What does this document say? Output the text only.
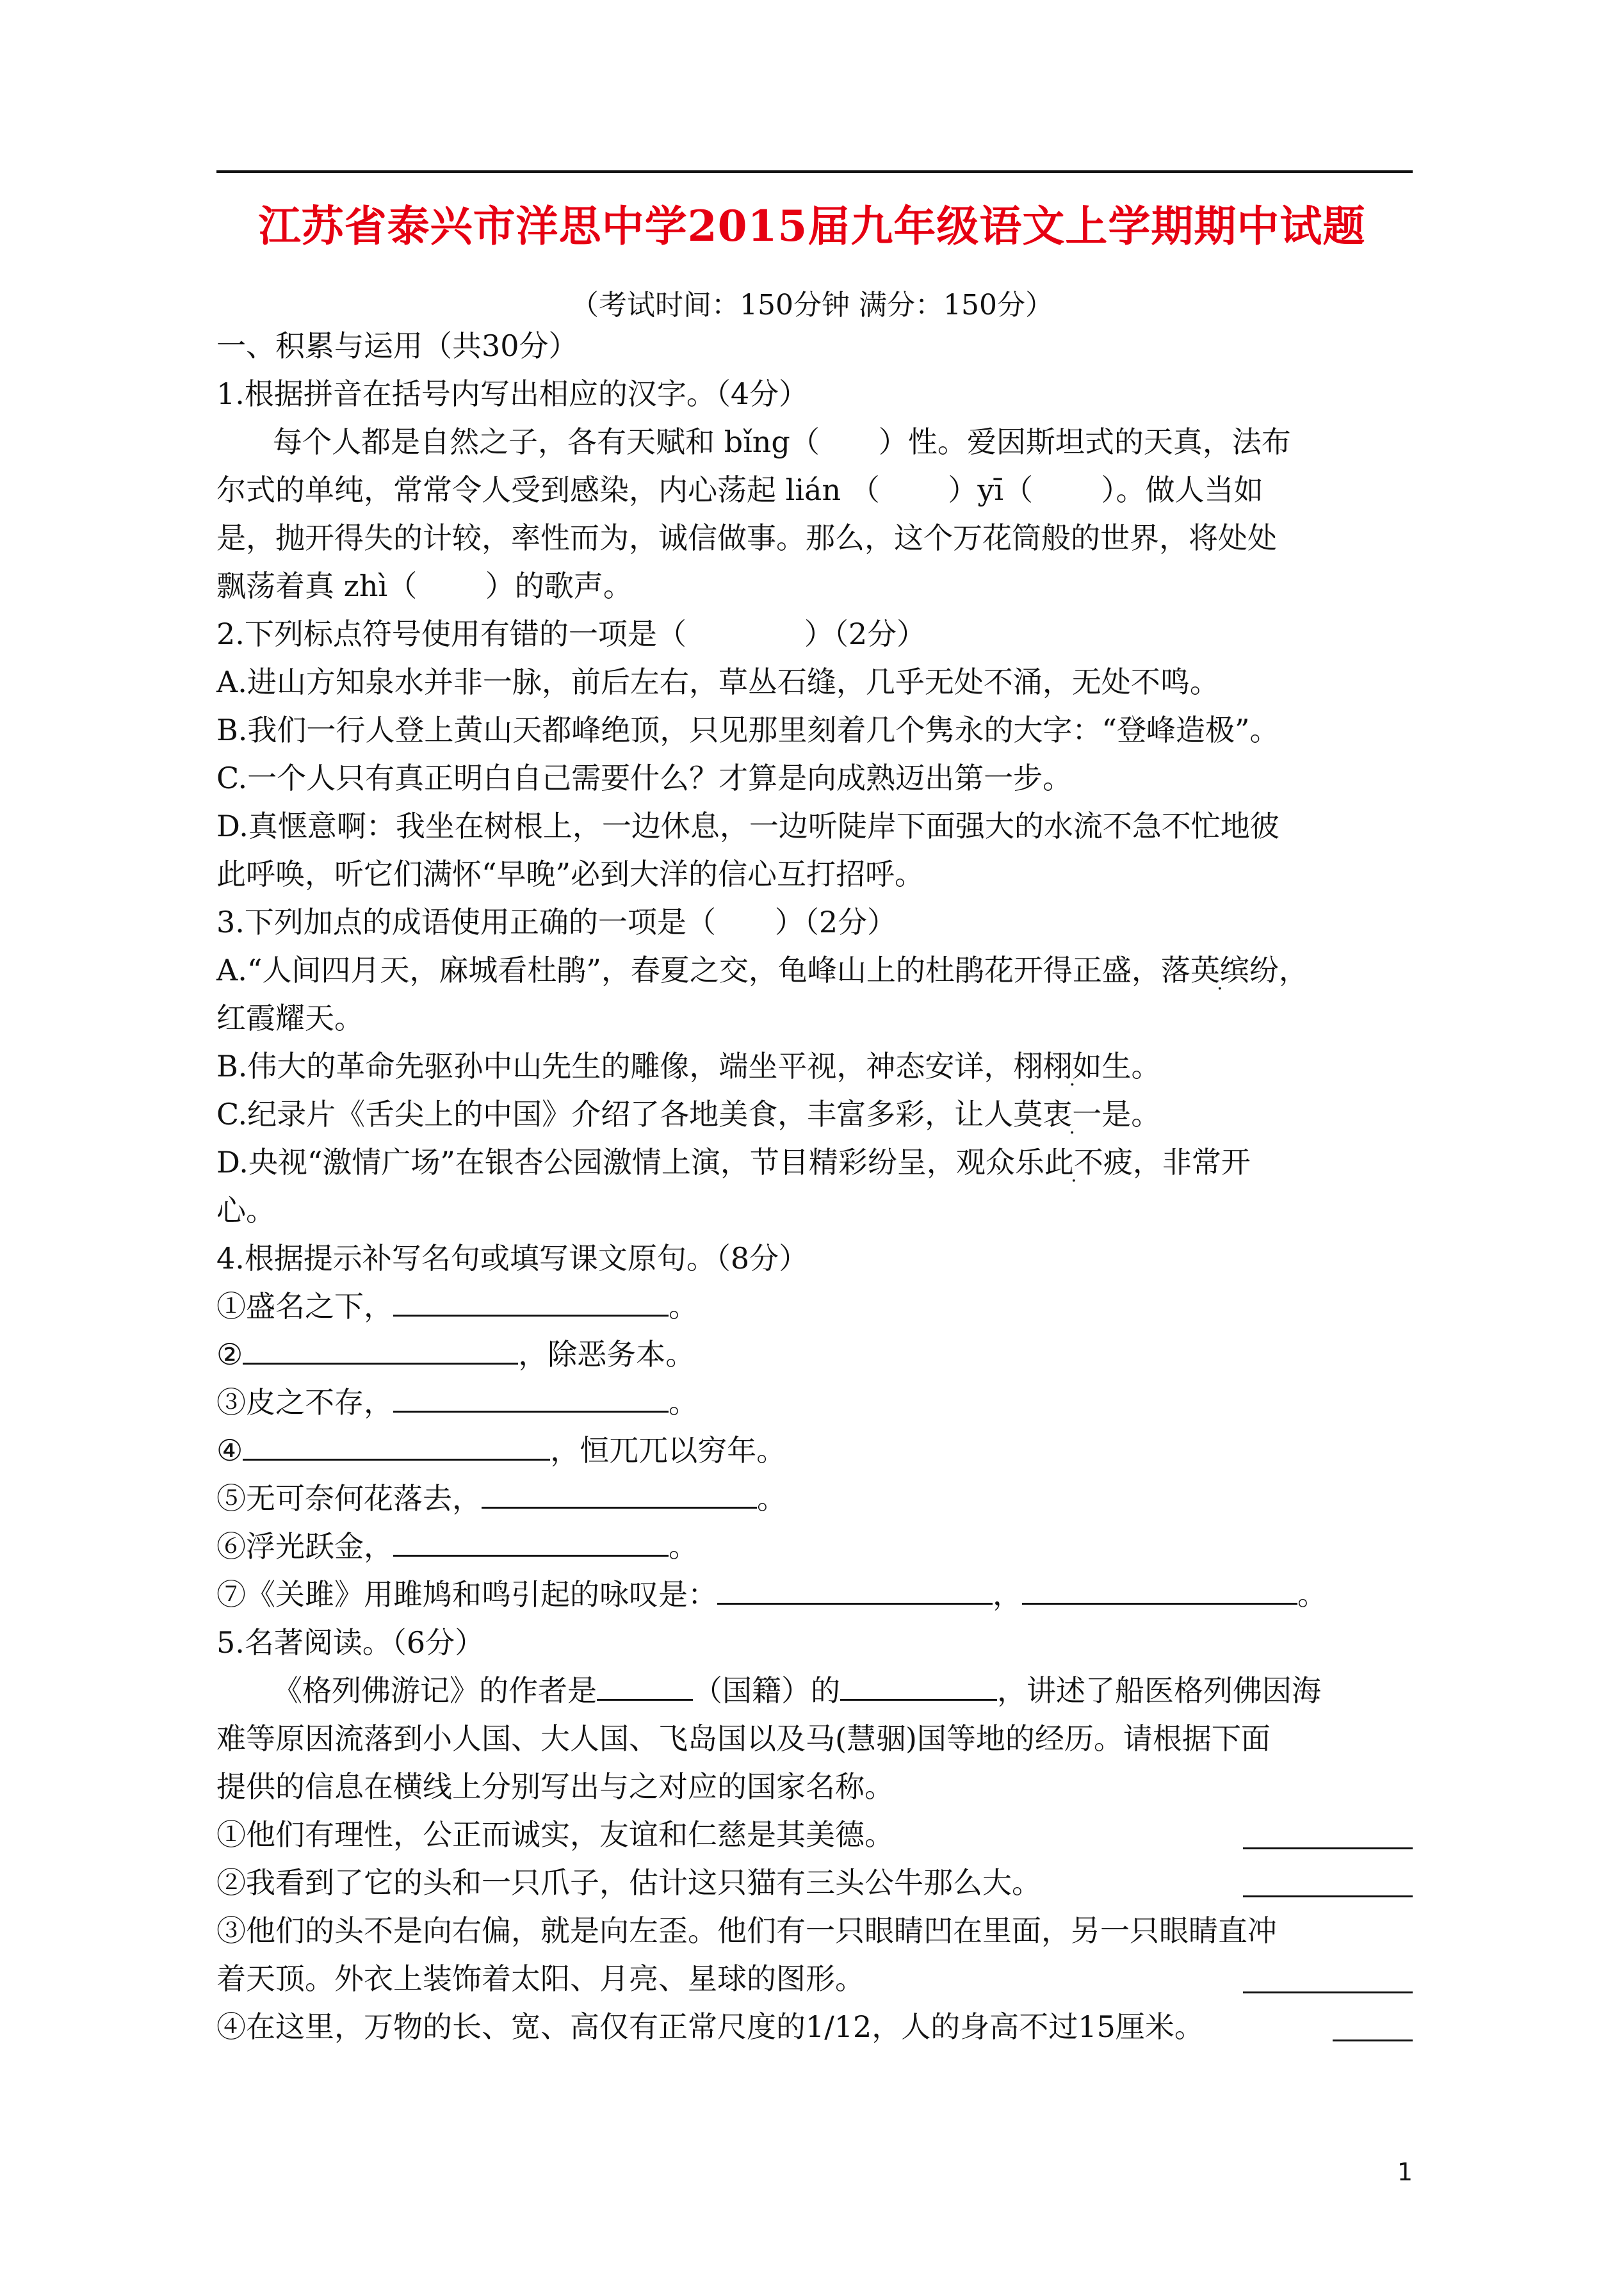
江苏省泰兴市洋思中学2015届九年级语文上学期期中试题
（考试时间：150分钟 满分：150分）
一、积累与运用（共30分）
1.根据拼音在括号内写出相应的汉字。（4分）
每个人都是自然之子，各有天赋和 bǐng（　　）性。爱因斯坦式的天真，法布
尔式的单纯，常常令人受到感染，内心荡起 lián （　　 ）yī（　　 ）。做人当如
是，抛开得失的计较，率性而为，诚信做事。那么，这个万花筒般的世界，将处处
飘荡着真 zhì（　　 ）的歌声。
2.下列标点符号使用有错的一项是（　　　　）（2分）
A.进山方知泉水并非一脉，前后左右，草丛石缝，几乎无处不涌，无处不鸣。
B.我们一行人登上黄山天都峰绝顶，只见那里刻着几个隽永的大字：“登峰造极”。
C.一个人只有真正明白自己需要什么？才算是向成熟迈出第一步。
D.真惬意啊：我坐在树根上，一边休息，一边听陡岸下面强大的水流不急不忙地彼
此呼唤，听它们满怀“早晚”必到大洋的信心互打招呼。
3.下列加点的成语使用正确的一项是（　　）（2分）
A.“人间四月天，麻城看杜鹃”，春夏之交，龟峰山上的杜鹃花开得正盛，落英缤纷，
红霞耀天。
B.伟大的革命先驱孙中山先生的雕像，端坐平视，神态安详，栩栩如生。
C.纪录片《舌尖上的中国》介绍了各地美食，丰富多彩，让人莫衷一是。
D.央视“激情广场”在银杏公园激情上演，节目精彩纷呈，观众乐此不疲，非常开
心。
4.根据提示补写名句或填写课文原句。（8分）
①盛名之下，	。
②	，除恶务本。
③皮之不存，	。
④	，恒兀兀以穷年。
⑤无可奈何花落去，	。
⑥浮光跃金，	。
⑦《关雎》用雎鸠和鸣引起的咏叹是：	，	。
5.名著阅读。（6分）
《格列佛游记》的作者是	（国籍）的	，讲述了船医格列佛因海
难等原因流落到小人国、大人国、飞岛国以及马(慧骃)国等地的经历。请根据下面
提供的信息在横线上分别写出与之对应的国家名称。
①他们有理性，公正而诚实，友谊和仁慈是其美德。
②我看到了它的头和一只爪子，估计这只猫有三头公牛那么大。
③他们的头不是向右偏，就是向左歪。他们有一只眼睛凹在里面，另一只眼睛直冲
着天顶。外衣上装饰着太阳、月亮、星球的图形。
④在这里，万物的长、宽、高仅有正常尺度的1/12，人的身高不过15厘米。
1
